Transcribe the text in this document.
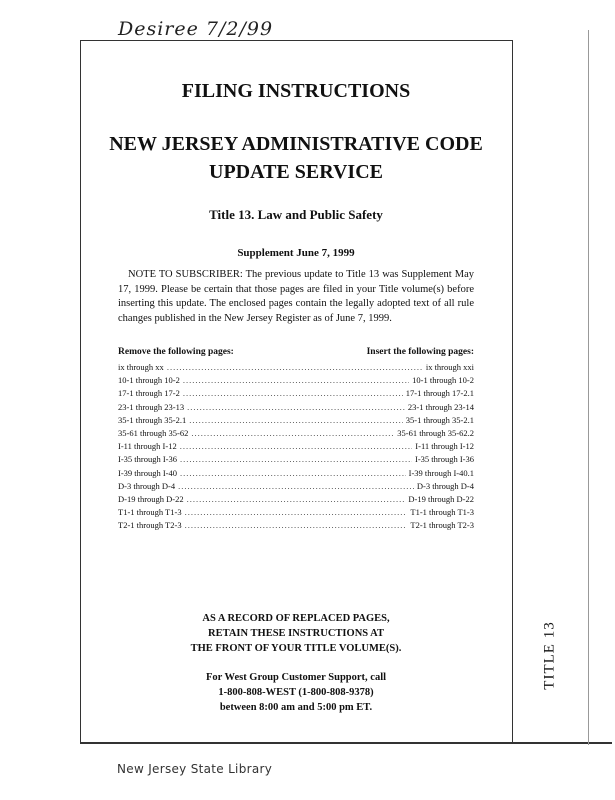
Desiree 7/2/99
FILING INSTRUCTIONS
NEW JERSEY ADMINISTRATIVE CODE
UPDATE SERVICE
Title 13. Law and Public Safety
Supplement June 7, 1999
NOTE TO SUBSCRIBER: The previous update to Title 13 was Supplement May 17, 1999. Please be certain that those pages are filed in your Title volume(s) before inserting this update. The enclosed pages contain the legally adopted text of all rule changes published in the New Jersey Register as of June 7, 1999.
Remove the following pages:	Insert the following pages:
ix through xx .....	ix through xxi
10-1 through 10-2 .....	10-1 through 10-2
17-1 through 17-2 .....	17-1 through 17-2.1
23-1 through 23-13 .....	23-1 through 23-14
35-1 through 35-2.1 .....	35-1 through 35-2.1
35-61 through 35-62 .....	35-61 through 35-62.2
I-11 through I-12 .....	I-11 through I-12
I-35 through I-36 .....	I-35 through I-36
I-39 through I-40 .....	I-39 through I-40.1
D-3 through D-4 .....	D-3 through D-4
D-19 through D-22 .....	D-19 through D-22
T1-1 through T1-3 .....	T1-1 through T1-3
T2-1 through T2-3 .....	T2-1 through T2-3
AS A RECORD OF REPLACED PAGES,
RETAIN THESE INSTRUCTIONS AT
THE FRONT OF YOUR TITLE VOLUME(S).
For West Group Customer Support, call
1-800-808-WEST (1-800-808-9378)
between 8:00 am and 5:00 pm ET.
TITLE 13
New Jersey State Library
